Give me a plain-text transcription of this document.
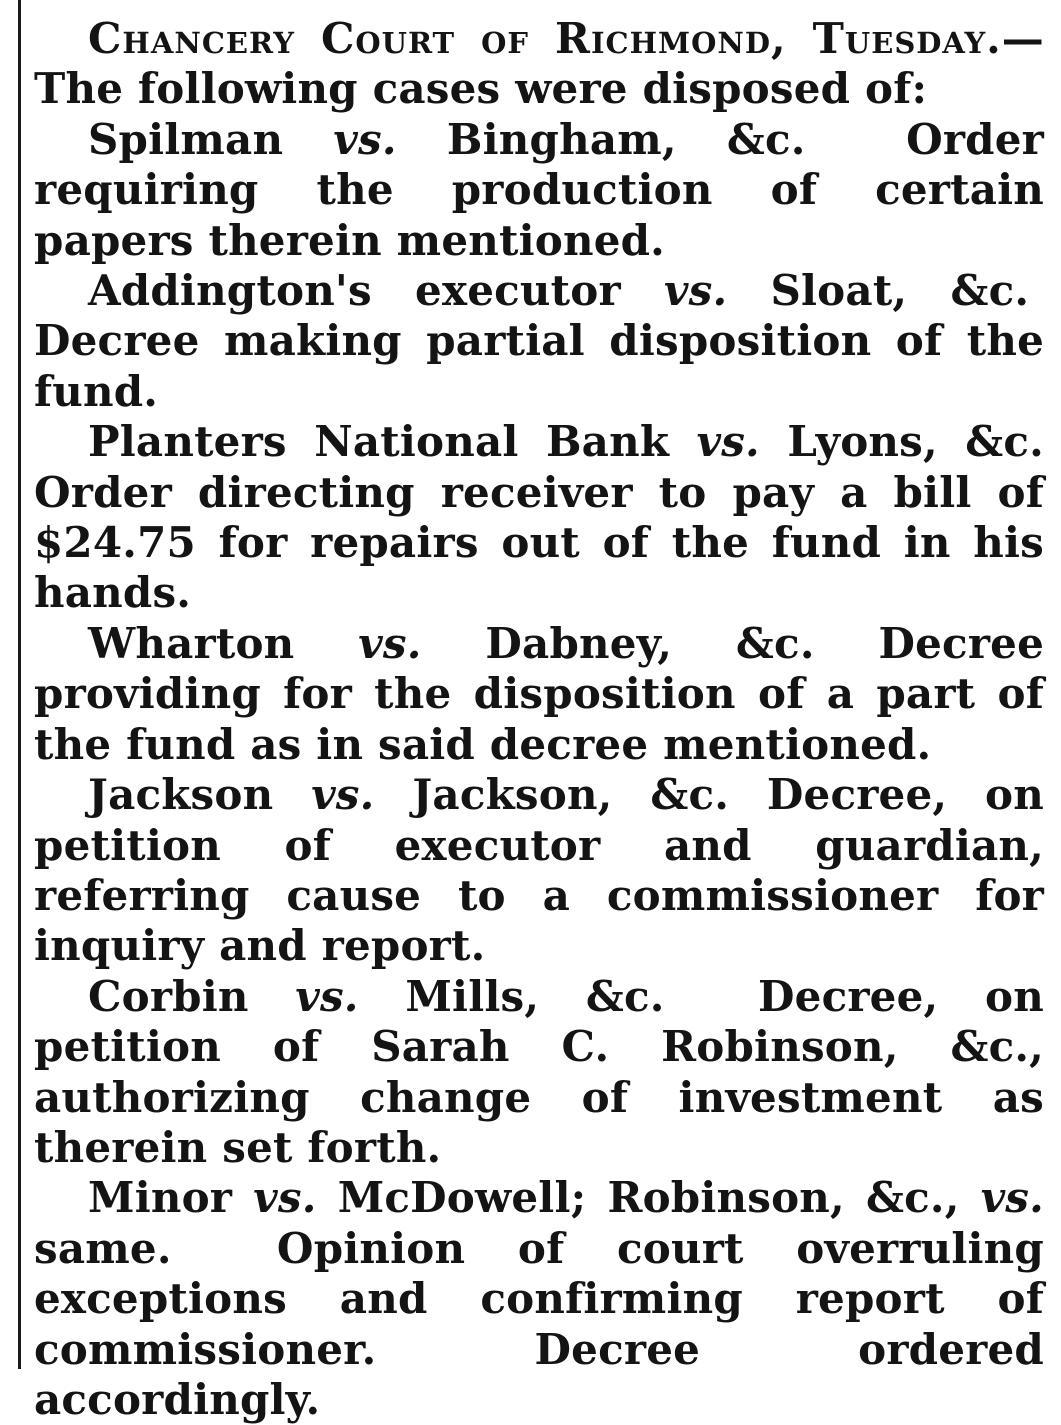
Chancery Court of Richmond, Tuesday.—The following cases were disposed of:

Spilman vs. Bingham, &c. Order requiring the production of certain papers therein mentioned.

Addington's executor vs. Sloat, &c.  Decree making partial disposition of the fund.

Planters National Bank vs. Lyons, &c. Order directing receiver to pay a bill of $24.75 for repairs out of the fund in his hands.

Wharton vs. Dabney, &c. Decree providing for the disposition of a part of the fund as in said decree mentioned.

Jackson vs. Jackson, &c. Decree, on petition of executor and guardian, referring cause to a commissioner for inquiry and report.

Corbin vs. Mills, &c. Decree, on petition of Sarah C. Robinson, &c., authorizing change of investment as therein set forth.

Minor vs. McDowell; Robinson, &c., vs. same.	Opinion of court overruling exceptions and confirming report of commissioner. Decree ordered accordingly.
